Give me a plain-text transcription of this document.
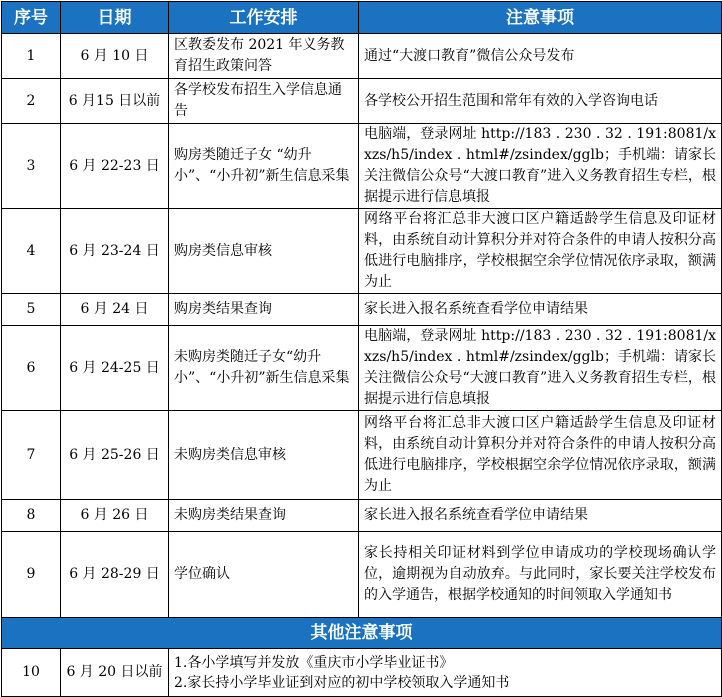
序号	日期	工作安排	注意事项
1	6 月 10 日	区教委发布 2021 年义务教育招生政策问答	通过“大渡口教育”微信公众号发布
2	6 月15 日以前	各学校发布招生入学信息通告	各学校公开招生范围和常年有效的入学咨询电话
3	6 月 22-23 日	购房类随迁子女 “幼升小”、“小升初”新生信息采集	电脑端，登录网址 http://183 . 230 . 32 . 191:8081/xxzs/h5/index . html#/zsindex/gglb；手机端：请家长关注微信公众号“大渡口教育”进入义务教育招生专栏，根据提示进行信息填报
4	6 月 23-24 日	购房类信息审核	网络平台将汇总非大渡口区户籍适龄学生信息及印证材料，由系统自动计算积分并对符合条件的申请人按积分高低进行电脑排序，学校根据空余学位情况依序录取，额满为止
5	6 月 24 日	购房类结果查询	家长进入报名系统查看学位申请结果
6	6 月 24-25 日	未购房类随迁子女“幼升小”、“小升初”新生信息采集	电脑端，登录网址 http://183 . 230 . 32 . 191:8081/xxzs/h5/index . html#/zsindex/gglb；手机端：请家长关注微信公众号“大渡口教育”进入义务教育招生专栏，根据提示进行信息填报
7	6 月 25-26 日	未购房类信息审核	网络平台将汇总非大渡口区户籍适龄学生信息及印证材料，由系统自动计算积分并对符合条件的申请人按积分高低进行电脑排序，学校根据空余学位情况依序录取，额满为止
8	6 月 26 日	未购房类结果查询	家长进入报名系统查看学位申请结果
9	6 月 28-29 日	学位确认	家长持相关印证材料到学位申请成功的学校现场确认学位，逾期视为自动放弃。与此同时，家长要关注学校发布的入学通告，根据学校通知的时间领取入学通知书
其他注意事项			
10	6 月 20 日以前	1.各小学填写并发放《重庆市小学毕业证书》
2.家长持小学毕业证到对应的初中学校领取入学通知书	
